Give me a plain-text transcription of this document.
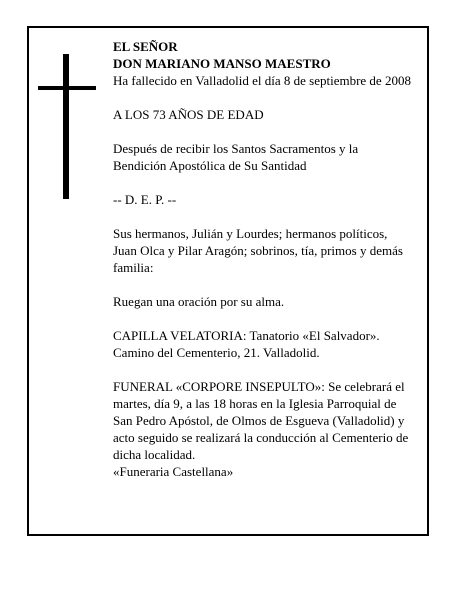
EL SEÑOR
DON MARIANO MANSO MAESTRO
Ha fallecido en Valladolid el día 8 de septiembre de 2008

A LOS 73 AÑOS DE EDAD

Después de recibir los Santos Sacramentos y la Bendición Apostólica de Su Santidad

-- D. E. P. --

Sus hermanos, Julián y Lourdes; hermanos políticos, Juan Olca y Pilar Aragón; sobrinos, tía, primos y demás familia:

Ruegan una oración por su alma.

CAPILLA VELATORIA: Tanatorio «El Salvador». Camino del Cementerio, 21. Valladolid.

FUNERAL «CORPORE INSEPULTO»: Se celebrará el martes, día 9, a las 18 horas en la Iglesia Parroquial de San Pedro Apóstol, de Olmos de Esgueva (Valladolid) y acto seguido se realizará la conducción al Cementerio de dicha localidad.
«Funeraria Castellana»
